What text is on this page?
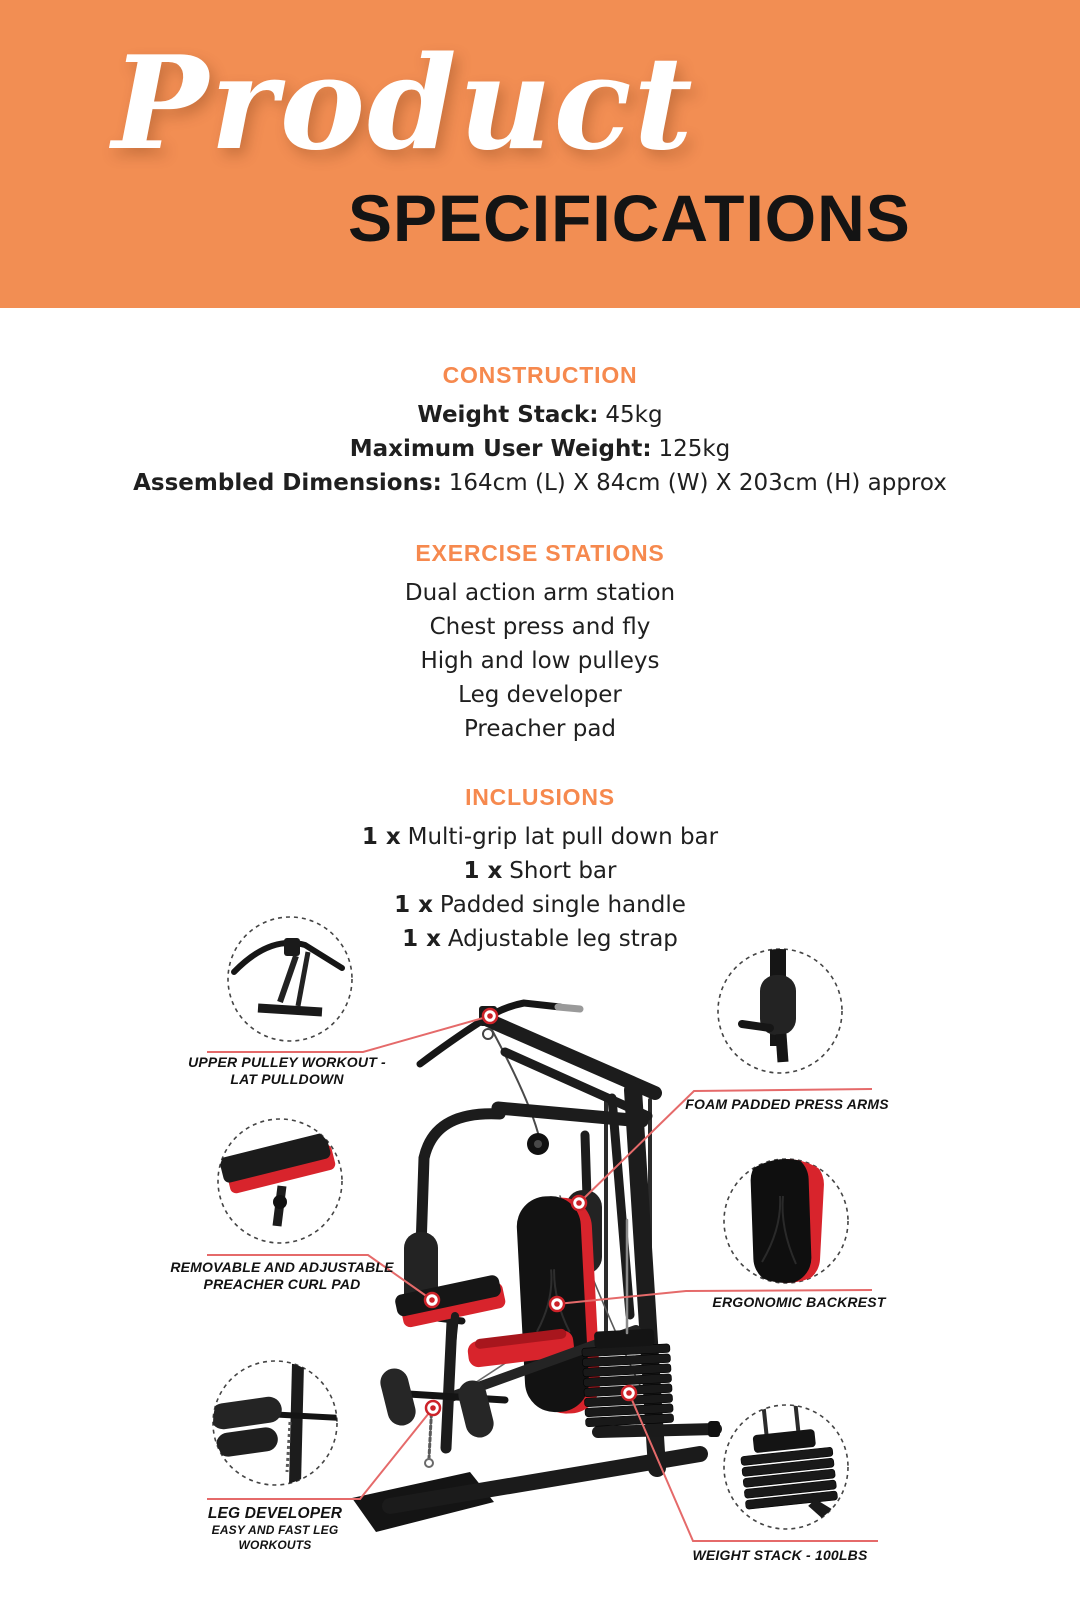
Product
SPECIFICATIONS
CONSTRUCTION
Weight Stack: 45kg
Maximum User Weight: 125kg
Assembled Dimensions: 164cm (L) X 84cm (W) X 203cm (H) approx
EXERCISE STATIONS
Dual action arm station
Chest press and fly
High and low pulleys
Leg developer
Preacher pad
INCLUSIONS
1 x Multi-grip lat pull down bar
1 x Short bar
1 x Padded single handle
1 x Adjustable leg strap
UPPER PULLEY WORKOUT -
LAT PULLDOWN
FOAM PADDED PRESS ARMS
REMOVABLE AND ADJUSTABLE
PREACHER CURL PAD
ERGONOMIC BACKREST
LEG DEVELOPER
EASY AND FAST LEG
WORKOUTS
WEIGHT STACK - 100LBS
